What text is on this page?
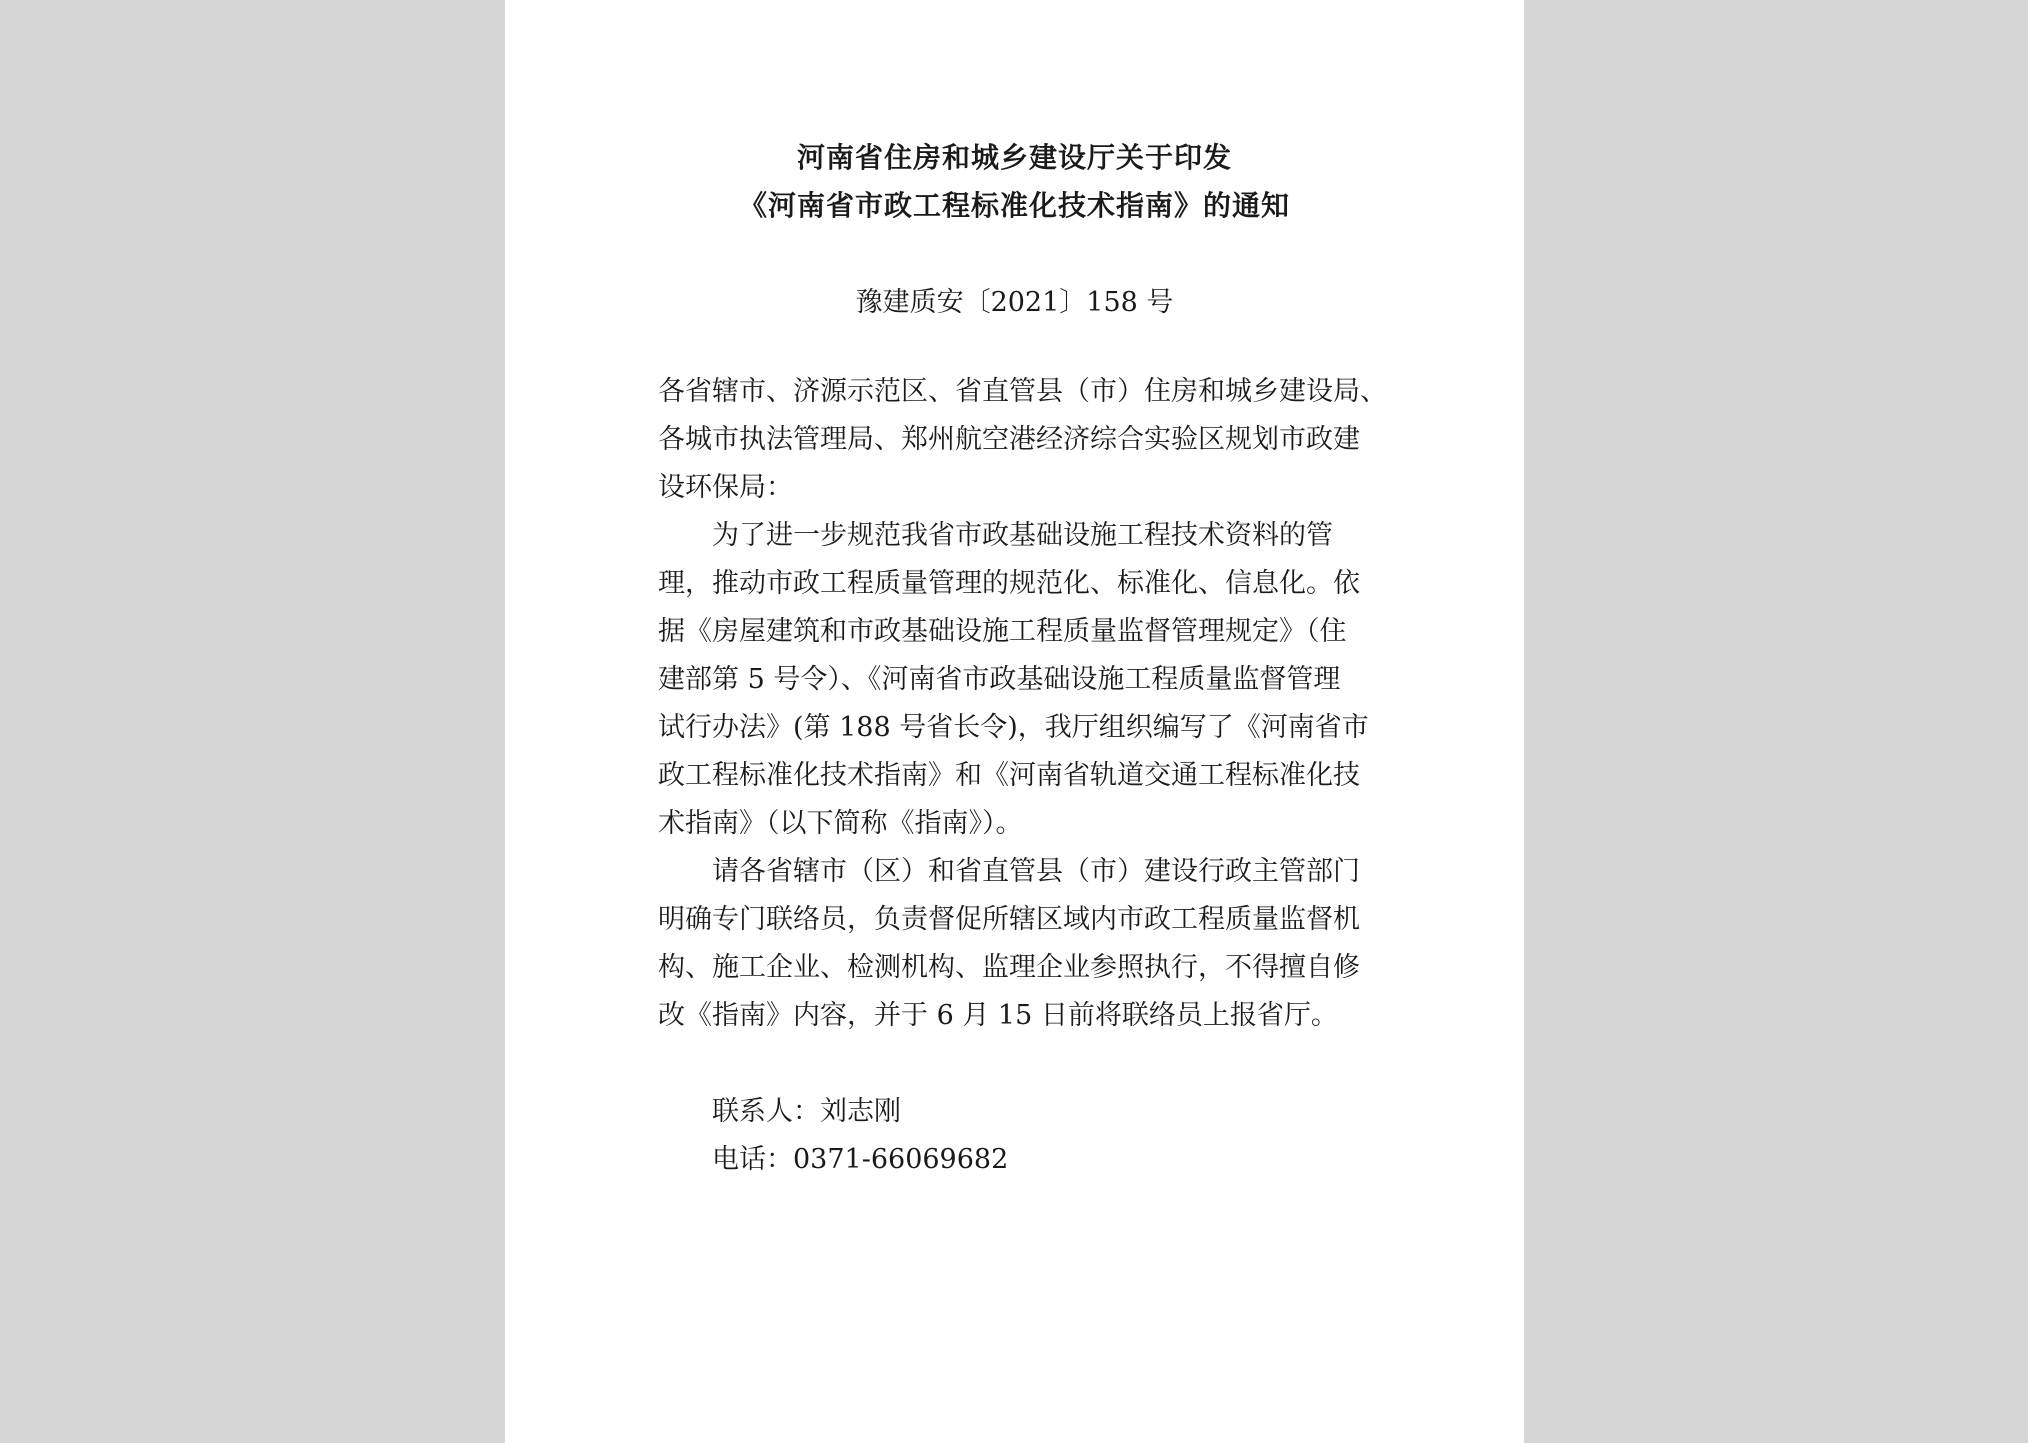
河南省住房和城乡建设厅关于印发
《河南省市政工程标准化技术指南》的通知
豫建质安〔2021〕158 号
各省辖市、济源示范区、省直管县（市）住房和城乡建设局、
各城市执法管理局、郑州航空港经济综合实验区规划市政建
设环保局：
为了进一步规范我省市政基础设施工程技术资料的管
理，推动市政工程质量管理的规范化、标准化、信息化。依
据《房屋建筑和市政基础设施工程质量监督管理规定》（住
建部第 5 号令）、《河南省市政基础设施工程质量监督管理
试行办法》(第 188 号省长令)，我厅组织编写了《河南省市
政工程标准化技术指南》和《河南省轨道交通工程标准化技
术指南》（以下简称《指南》）。
请各省辖市（区）和省直管县（市）建设行政主管部门
明确专门联络员，负责督促所辖区域内市政工程质量监督机
构、施工企业、检测机构、监理企业参照执行，不得擅自修
改《指南》内容，并于 6 月 15 日前将联络员上报省厅。
联系人：刘志刚
电话：0371-66069682
